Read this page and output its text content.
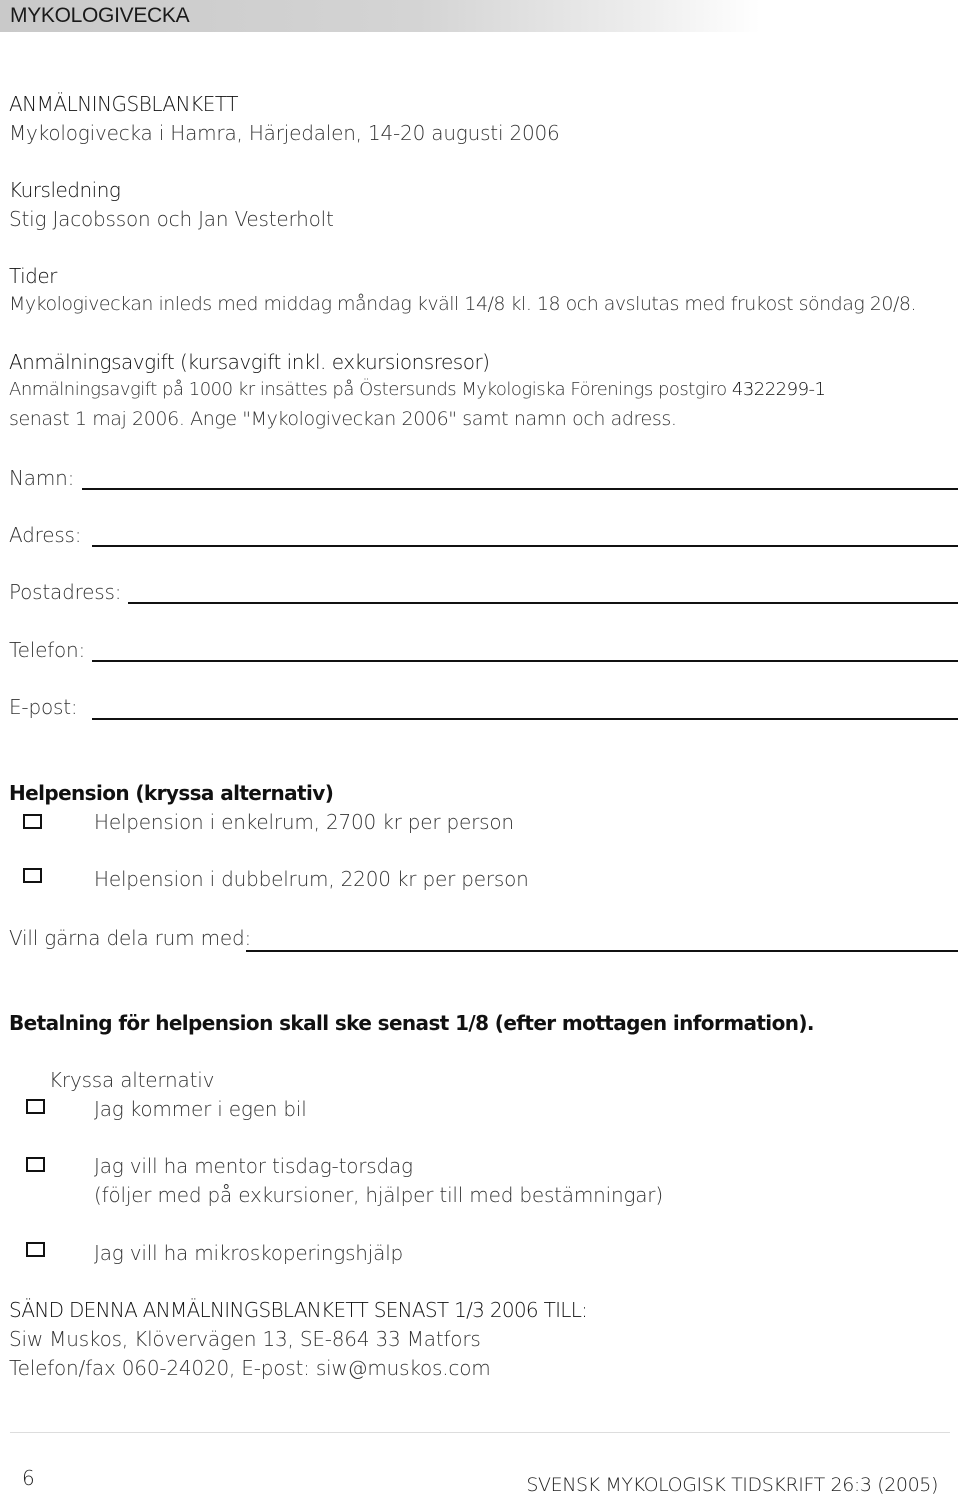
MYKOLOGIVECKA
ANMÄLNINGSBLANKETT
Mykologivecka i Hamra, Härjedalen, 14-20 augusti 2006
Kursledning
Stig Jacobsson och Jan Vesterholt
Tider
Mykologiveckan inleds med middag måndag kväll 14/8 kl. 18 och avslutas med frukost söndag 20/8.
Anmälningsavgift (kursavgift inkl. exkursionsresor)
Anmälningsavgift på 1000 kr insättes på Östersunds Mykologiska Förenings postgiro 4322299-1
senast 1 maj 2006. Ange "Mykologiveckan 2006" samt namn och adress.
Namn:
Adress:
Postadress:
Telefon:
E-post:
Helpension (kryssa alternativ)
Helpension i enkelrum, 2700 kr per person
Helpension i dubbelrum, 2200 kr per person
Vill gärna dela rum med:
Betalning för helpension skall ske senast 1/8 (efter mottagen information).
Kryssa alternativ
Jag kommer i egen bil
Jag vill ha mentor tisdag-torsdag
(följer med på exkursioner, hjälper till med bestämningar)
Jag vill ha mikroskoperingshjälp
SÄND DENNA ANMÄLNINGSBLANKETT SENAST 1/3 2006 TILL:
Siw Muskos, Klövervägen 13, SE-864 33 Matfors
Telefon/fax 060-24020, E-post: siw@muskos.com
6	SVENSK MYKOLOGISK TIDSKRIFT 26:3 (2005)
